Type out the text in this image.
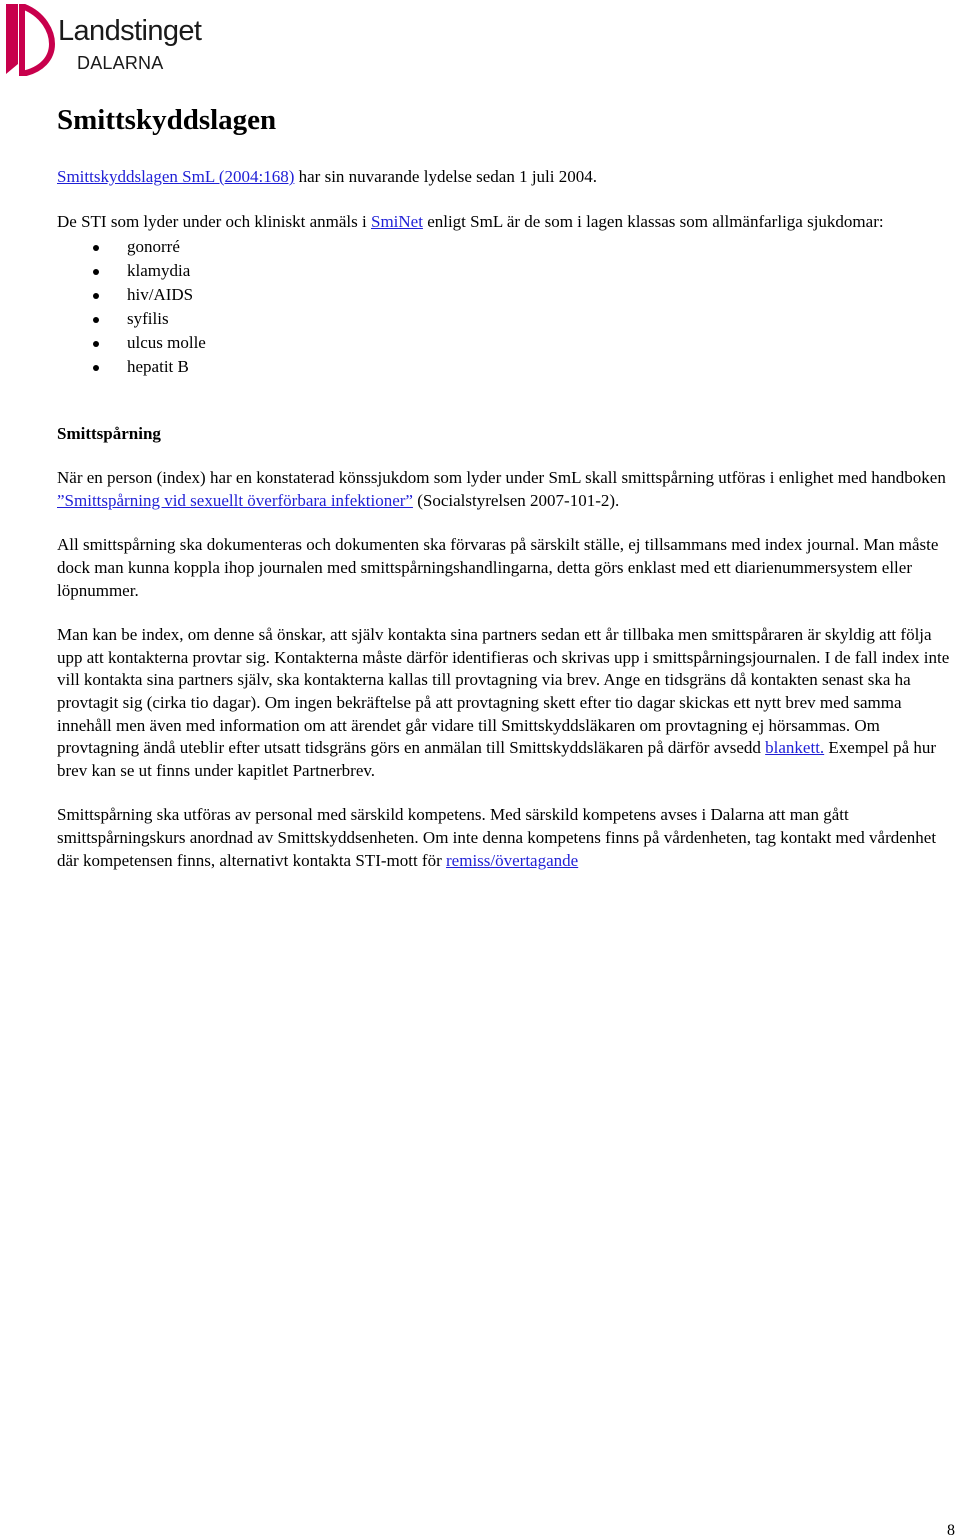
Landstinget
DALARNA
Smittskyddslagen

Smittskyddslagen SmL (2004:168) har sin nuvarande lydelse sedan 1 juli 2004.

De STI som lyder under och kliniskt anmäls i SmiNet enligt SmL är de som i lagen klassas som allmänfarliga sjukdomar:

gonorré
klamydia
hiv/AIDS
syfilis
ulcus molle
hepatit B
Smittspårning

När en person (index) har en konstaterad könssjukdom som lyder under SmL skall smittspårning utföras i enlighet med handboken ”Smittspårning vid sexuellt överförbara infektioner” (Socialstyrelsen 2007-101-2).

All smittspårning ska dokumenteras och dokumenten ska förvaras på särskilt ställe, ej tillsammans med index journal. Man måste dock man kunna koppla ihop journalen med smittspårningshandlingarna, detta görs enklast med ett diarienummersystem eller löpnummer.

Man kan be index, om denne så önskar, att själv kontakta sina partners sedan ett år tillbaka men smittspåraren är skyldig att följa upp att kontakterna provtar sig. Kontakterna måste därför identifieras och skrivas upp i smittspårningsjournalen. I de fall index inte vill kontakta sina partners själv, ska kontakterna kallas till provtagning via brev. Ange en tidsgräns då kontakten senast ska ha provtagit sig (cirka tio dagar). Om ingen bekräftelse på att provtagning skett efter tio dagar skickas ett nytt brev med samma innehåll men även med information om att ärendet går vidare till Smittskyddsläkaren om provtagning ej hörsammas. Om provtagning ändå uteblir efter utsatt tidsgräns görs en anmälan till Smittskyddsläkaren på därför avsedd blankett. Exempel på hur brev kan se ut finns under kapitlet Partnerbrev.

Smittspårning ska utföras av personal med särskild kompetens. Med särskild kompetens avses i Dalarna att man gått smittspårningskurs anordnad av Smittskyddsenheten. Om inte denna kompetens finns på vårdenheten, tag kontakt med vårdenhet där kompetensen finns, alternativt kontakta STI-mott för remiss/övertagande

8
